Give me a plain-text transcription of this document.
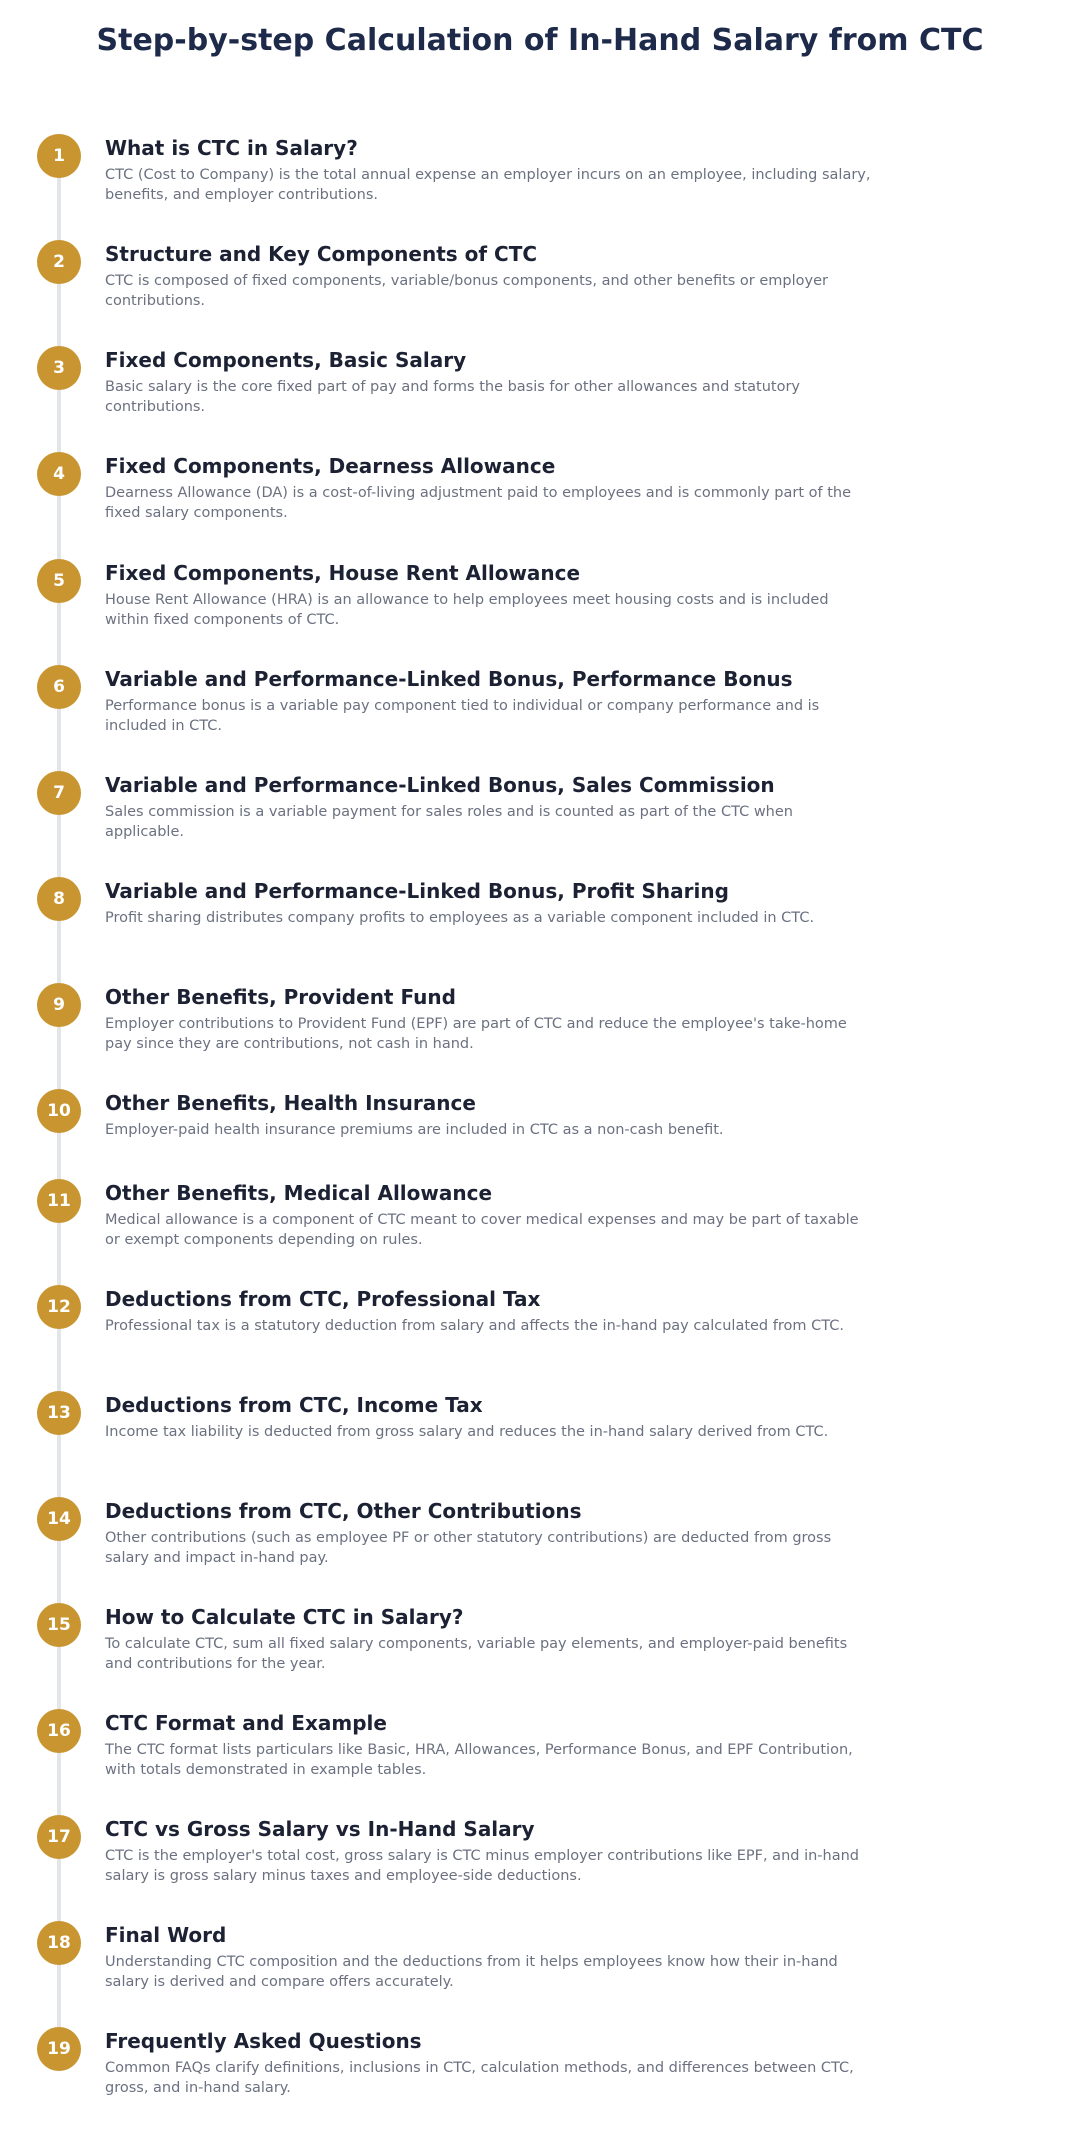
Step-by-step Calculation of In-Hand Salary from CTC
1	What is CTC in Salary?

CTC (Cost to Company) is the total annual expense an employer incurs on an employee, including salary, benefits, and employer contributions.

2	Structure and Key Components of CTC

CTC is composed of fixed components, variable/bonus components, and other benefits or employer contributions.

3	Fixed Components, Basic Salary

Basic salary is the core fixed part of pay and forms the basis for other allowances and statutory contributions.

4	Fixed Components, Dearness Allowance

Dearness Allowance (DA) is a cost-of-living adjustment paid to employees and is commonly part of the fixed salary components.

5	Fixed Components, House Rent Allowance

House Rent Allowance (HRA) is an allowance to help employees meet housing costs and is included within fixed components of CTC.

6	Variable and Performance-Linked Bonus, Performance Bonus

Performance bonus is a variable pay component tied to individual or company performance and is included in CTC.

7	Variable and Performance-Linked Bonus, Sales Commission

Sales commission is a variable payment for sales roles and is counted as part of the CTC when applicable.

8	Variable and Performance-Linked Bonus, Profit Sharing

Profit sharing distributes company profits to employees as a variable component included in CTC.

9	Other Benefits, Provident Fund

Employer contributions to Provident Fund (EPF) are part of CTC and reduce the employee's take-home pay since they are contributions, not cash in hand.

10	Other Benefits, Health Insurance

Employer-paid health insurance premiums are included in CTC as a non-cash benefit.

11	Other Benefits, Medical Allowance

Medical allowance is a component of CTC meant to cover medical expenses and may be part of taxable or exempt components depending on rules.

12	Deductions from CTC, Professional Tax

Professional tax is a statutory deduction from salary and affects the in-hand pay calculated from CTC.

13	Deductions from CTC, Income Tax

Income tax liability is deducted from gross salary and reduces the in-hand salary derived from CTC.

14	Deductions from CTC, Other Contributions

Other contributions (such as employee PF or other statutory contributions) are deducted from gross salary and impact in-hand pay.

15	How to Calculate CTC in Salary?

To calculate CTC, sum all fixed salary components, variable pay elements, and employer-paid benefits and contributions for the year.

16	CTC Format and Example

The CTC format lists particulars like Basic, HRA, Allowances, Performance Bonus, and EPF Contribution, with totals demonstrated in example tables.

17	CTC vs Gross Salary vs In-Hand Salary

CTC is the employer's total cost, gross salary is CTC minus employer contributions like EPF, and in-hand salary is gross salary minus taxes and employee-side deductions.

18	Final Word

Understanding CTC composition and the deductions from it helps employees know how their in-hand salary is derived and compare offers accurately.

19	Frequently Asked Questions

Common FAQs clarify definitions, inclusions in CTC, calculation methods, and differences between CTC, gross, and in-hand salary.
